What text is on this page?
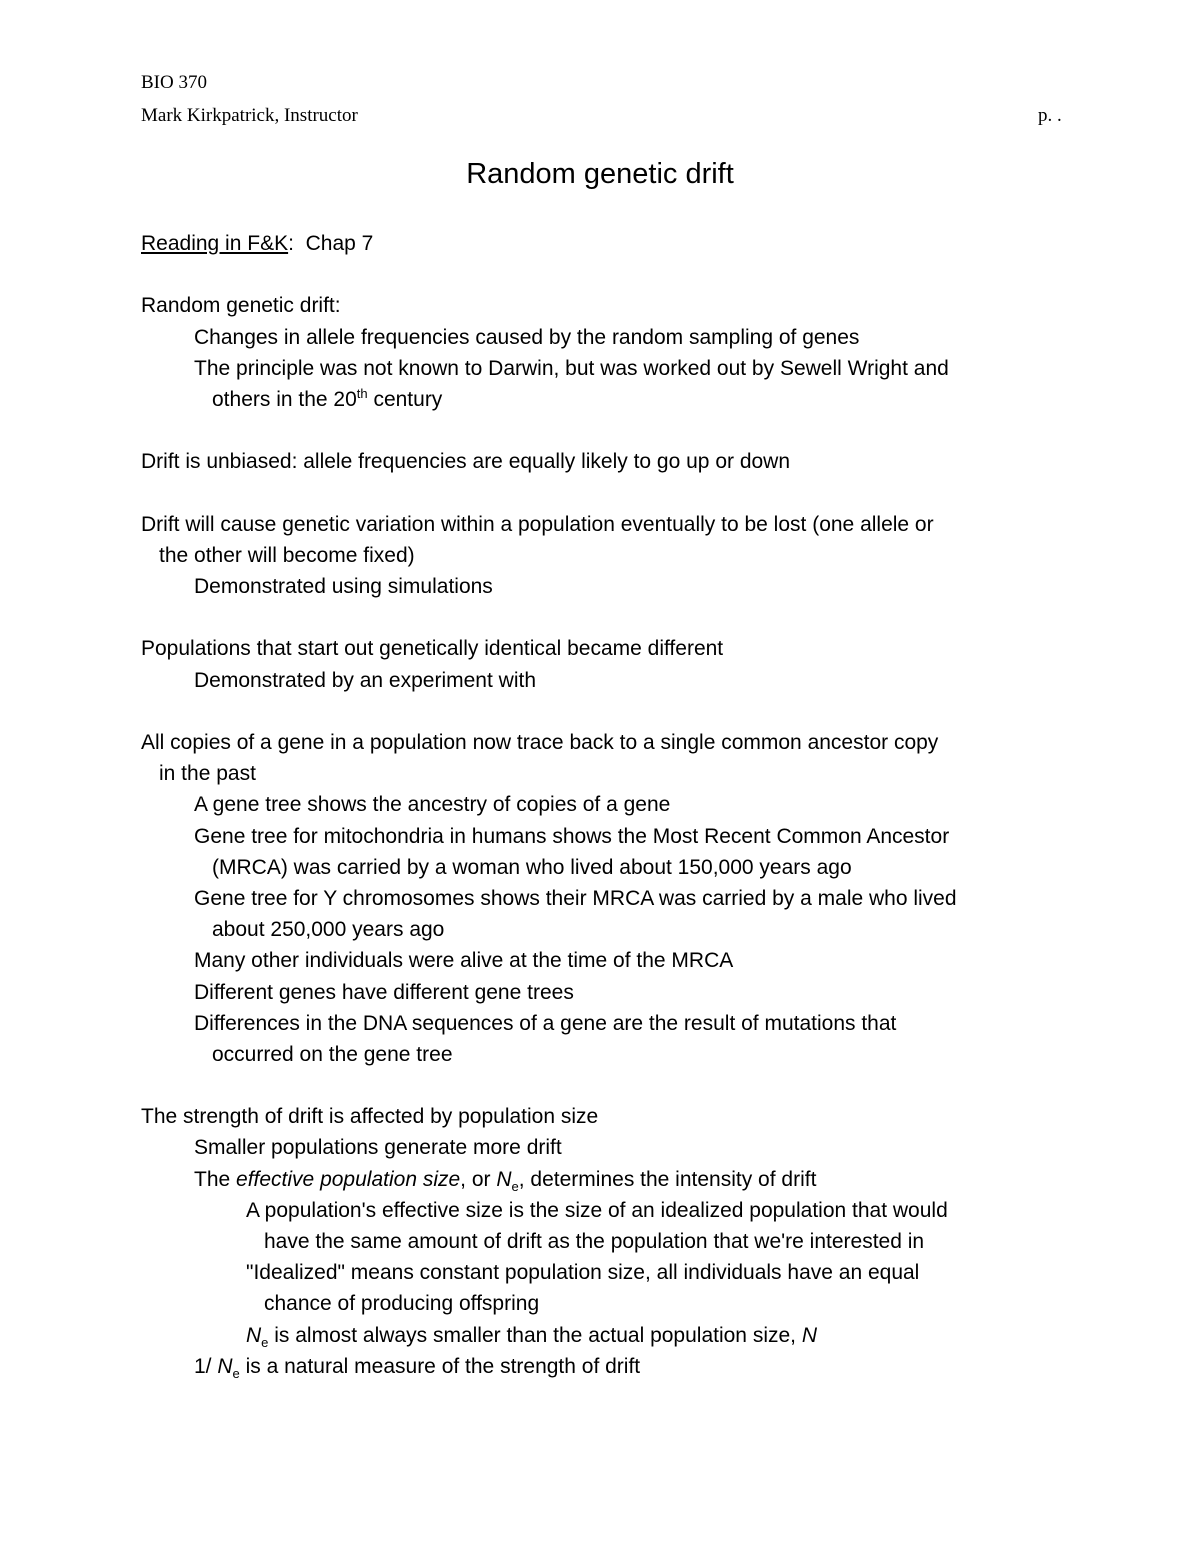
BIO 370
Mark Kirkpatrick, Instructor	p. .
Random genetic drift
Reading in F&K: Chap 7
Random genetic drift:
Changes in allele frequencies caused by the random sampling of genes
The principle was not known to Darwin, but was worked out by Sewell Wright and
others in the 20th century
Drift is unbiased: allele frequencies are equally likely to go up or down
Drift will cause genetic variation within a population eventually to be lost (one allele or
the other will become fixed)
Demonstrated using simulations
Populations that start out genetically identical became different
Demonstrated by an experiment with
All copies of a gene in a population now trace back to a single common ancestor copy
in the past
A gene tree shows the ancestry of copies of a gene
Gene tree for mitochondria in humans shows the Most Recent Common Ancestor
(MRCA) was carried by a woman who lived about 150,000 years ago
Gene tree for Y chromosomes shows their MRCA was carried by a male who lived
about 250,000 years ago
Many other individuals were alive at the time of the MRCA
Different genes have different gene trees
Differences in the DNA sequences of a gene are the result of mutations that
occurred on the gene tree
The strength of drift is affected by population size
Smaller populations generate more drift
The effective population size, or $N_e$, determines the intensity of drift
A population's effective size is the size of an idealized population that would
have the same amount of drift as the population that we're interested in
"Idealized" means constant population size, all individuals have an equal
chance of producing offspring
$N_e$ is almost always smaller than the actual population size, N
1/ $N_e$ is a natural measure of the strength of drift
